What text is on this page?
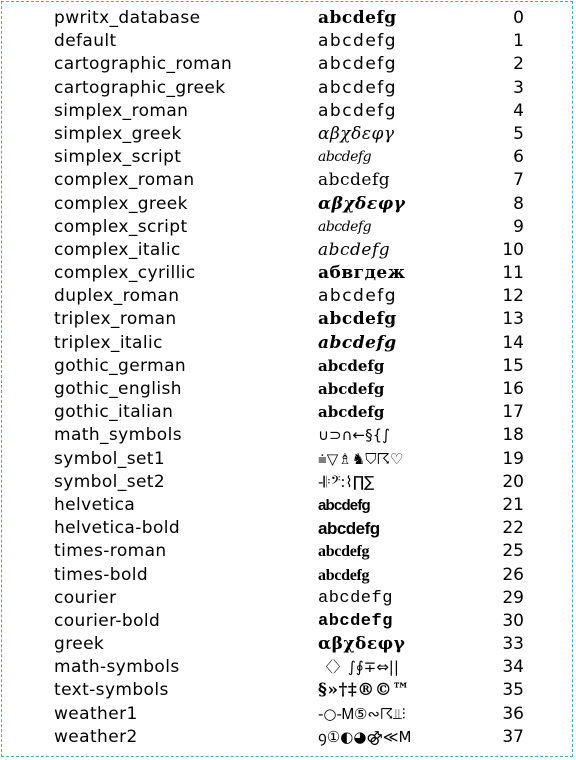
pwritx_database	abcdefg	0
default	abcdefg	1
cartographic_roman	abcdefg	2
cartographic_greek	abcdefg	3
simplex_roman	abcdefg	4
simplex_greek	αβχδεφγ	5
simplex_script	abcdefg	6
complex_roman	abcdefg	7
complex_greek	αβχδεφγ	8
complex_script	abcdefg	9
complex_italic	abcdefg	10
complex_cyrillic	абвгдеж	11
duplex_roman	abcdefg	12
triplex_roman	abcdefg	13
triplex_italic	abcdefg	14
gothic_german	abcdefg	15
gothic_english	abcdefg	16
gothic_italian	abcdefg	17
math_symbols	∪⊃∩←§{∫	18
symbol_set1	⩧▽♗♞⛉☈♡	19
symbol_set2	-𝄆𝄢:⌇∏∑	20
helvetica	abcdefg	21
helvetica-bold	abcdefg	22
times-roman	abcdefg	25
times-bold	abcdefg	26
courier	abcdefg	29
courier-bold	abcdefg	30
greek	αβχδεφγ	33
math-symbols	〈〉∫∮∓⇔||	34
text-symbols	§»†‡®©™	35
weather1	-○-Ꮇ⑤∾☈⫫⫶	36
weather2	ꝯ①◐◕⚣≪Ⅿ	37
